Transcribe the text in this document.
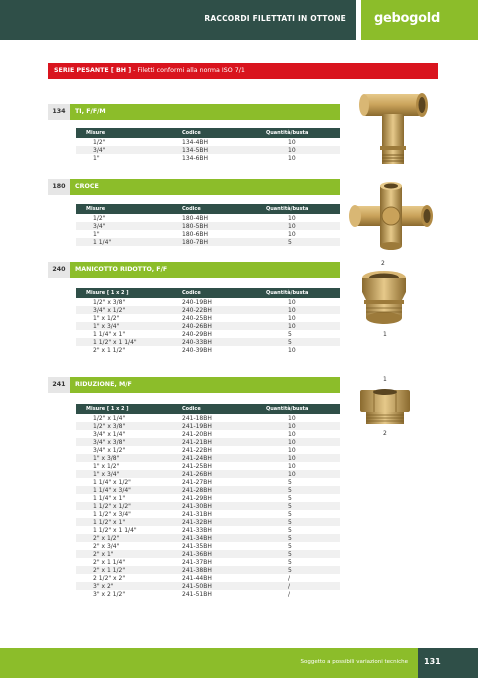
RACCORDI FILETTATI IN OTTONE gebogold
SERIE PESANTE [ BH ] - Filetti conformi alla norma ISO 7/1
134	TI, F/F/M
Misure	Codice	Quantità/busta
1/2"	134-4BH	10
3/4"	134-5BH	10
1"	134-6BH	10
180	CROCE
Misure	Codice	Quantità/busta
1/2"	180-4BH	10
3/4"	180-5BH	10
1"	180-6BH	10
1 1/4"	180-7BH	5
240	MANICOTTO RIDOTTO, F/F
Misure [ 1 x 2 ]	Codice	Quantità/busta
1/2" x 3/8"	240-19BH	10
3/4" x 1/2"	240-22BH	10
1" x 1/2"	240-25BH	10
1" x 3/4"	240-26BH	10
1 1/4" x 1"	240-29BH	5
1 1/2" x 1 1/4"	240-33BH	5
2" x 1 1/2"	240-39BH	10
241	RIDUZIONE, M/F
Misure [ 1 x 2 ]	Codice	Quantità/busta
1/2" x 1/4"	241-18BH	10
1/2" x 3/8"	241-19BH	10
3/4" x 1/4"	241-20BH	10
3/4" x 3/8"	241-21BH	10
3/4" x 1/2"	241-22BH	10
1" x 3/8"	241-24BH	10
1" x 1/2"	241-25BH	10
1" x 3/4"	241-26BH	10
1 1/4" x 1/2"	241-27BH	5
1 1/4" x 3/4"	241-28BH	5
1 1/4" x 1"	241-29BH	5
1 1/2" x 1/2"	241-30BH	5
1 1/2" x 3/4"	241-31BH	5
1 1/2" x 1"	241-32BH	5
1 1/2" x 1 1/4"	241-33BH	5
2" x 1/2"	241-34BH	5
2" x 3/4"	241-35BH	5
2" x 1"	241-36BH	5
2" x 1 1/4"	241-37BH	5
2" x 1 1/2"	241-38BH	5
2 1/2" x 2"	241-44BH	/
3" x 2"	241-50BH	/
3" x 2 1/2"	241-51BH	/
2
1
1
2
Soggetto a possibili variazioni tecniche 131
